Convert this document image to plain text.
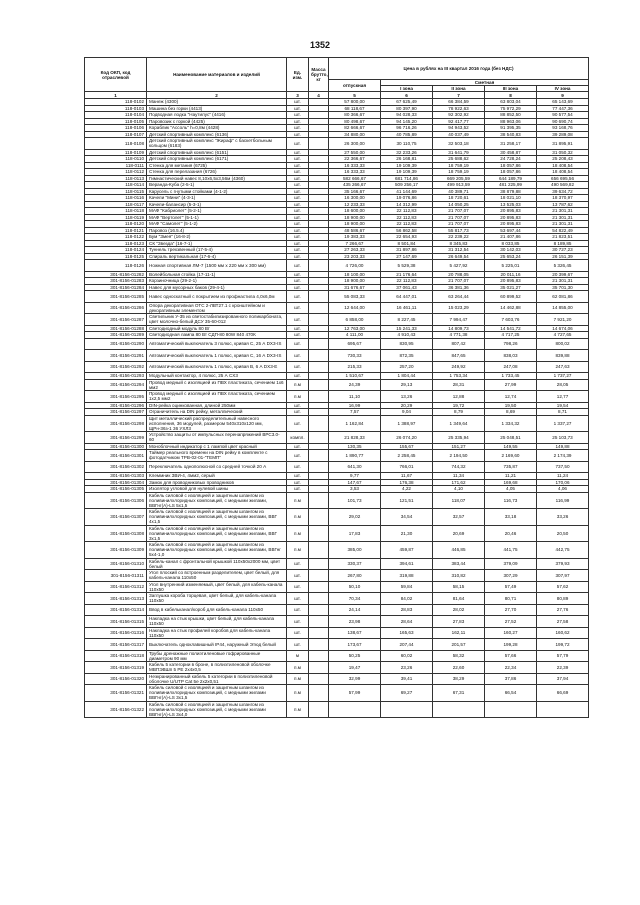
1352
Код ОКП, код отраслевой	Наименование материалов и изделий	Ед. изм.	Масса брутто, кг	Цена в рублях на III квартал 2016 года (без НДС)				
				отпускная	Сметная			
					I зона	II зона	III зона	IV зона
1	2	3	4	5	6	7	8	9
118-0102	Манеж (4300)	шт.		57 800,00	67 625,49	66 384,59	63 803,04	65 143,69
118-0103	Машина без горки (4413)	шт.		68 118,67	80 397,90	78 922,63	75 972,29	77 447,36
118-0104	Подводная лодка "Наутилус" (4416)	шт.		80 366,67	94 028,33	92 302,92	88 852,50	90 577,54
118-0105	Паровозик с горкой (4425)	шт.		80 498,67	94 145,20	92 417,77	88 963,06	90 690,74
118-0106	Кораблик "Ассоль" h=0,8м (4428)	шт.		82 666,67	96 716,26	94 943,52	91 395,35	93 168,76
118-0107	Детский спортивный комплекс (6136)	шт.		34 880,00	40 785,89	40 037,49	38 540,83	39 289,08
118-0108	Детский спортивный комплекс "Жираф" с баскетбольным кольцом (6183)	шт.		26 300,00	30 110,75	32 503,18	31 258,17	31 895,91
118-0109	Детский спортивный комплекс (6151)	шт.		27 550,00	32 233,26	31 641,79	30 458,87	31 050,32
118-0110	Детский спортивный комплекс (6171)	шт.		22 366,67	26 168,81	25 688,62	24 728,24	25 208,43
118-0111	Стенка для метания (6725)	шт.		16 333,33	19 109,39	18 759,19	18 057,86	18 408,54
118-0112	Стенка для перелазания (6726)	шт.		16 333,33	19 109,39	18 759,19	18 057,86	18 408,54
118-0113	Гимнастический навес 8,10х6,5х3,56м (4360)	шт.		582 666,67	681 714,86	669 205,59	644 189,79	656 695,56
118-0114	Веранда-Куба (2-5-1)	шт.		435 266,67	509 256,17	499 913,59	481 225,99	490 569,82
118-0115	Карусель с гнутыми стойками (4-1-2)	шт.		35 166,67	41 144,69	40 389,71	38 879,88	39 634,72
118-0116	Качели "Мини" (4-3-1)	шт.		16 300,00	19 076,86	18 720,61	18 021,10	18 370,97
118-0117	Качели-балансир (5-3-1)	шт.		12 233,33	14 312,99	14 050,25	13 525,03	13 787,62
118-0118	МАФ "Кабриолет" (5-2-1)	шт.		18 600,00	22 112,83	21 707,07	20 895,83	21 301,31
118-0119	МАФ "Вертолет" (5-1-1)	шт.		18 900,00	22 112,83	21 707,07	20 895,83	21 301,31
118-0120	МАФ "Самолет" (5-1-2)	шт.		18 900,00	22 112,83	21 707,07	20 895,83	21 301,31
118-0121	Паровоз (16.5.4)	шт.		48 586,67	56 862,58	55 817,73	53 697,44	54 822,49
118-0122	Бум "Змея" (16-8-2)	шт.		19 383,33	22 654,93	22 239,22	21 407,86	21 823,51
118-0123	СК "Звезда" (16-7-1)	шт.		7 266,67	8 501,84	8 345,83	8 033,85	8 189,85
118-0124	Туннель трехзвенный (17-5-4)	шт.		27 263,33	31 897,86	31 312,54	30 142,03	30 727,23
118-0125	Спираль вертикальная (17-6-4)	шт.		23 203,33	27 147,69	26 649,54	25 653,24	26 151,39
118-0126	Ножная спортивная ЛМ-7 (1500 мм х 220 мм х 300 мм)	шт.		4 726,00	5 529,38	5 427,92	5 225,01	5 326,45
301-8156-01282	Волейбольная стойка (17-11-1)	шт.		18 100,00	21 176,64	20 788,05	20 011,16	20 399,67
301-8156-01283	Корзиночница (29-2-1)	шт.		18 900,00	22 112,83	21 707,07	20 895,83	21 301,31
301-8156-01284	Навес для мусорных баков (29-4-1)	шт.		31 676,67	37 061,43	36 381,36	35 021,27	35 701,30
301-8156-01285	Навес односкатный с покрытием из профнастила 4,0х6,0м	шт.		55 083,33	64 447,01	63 264,44	60 899,52	62 081,86
301-8156-01286	Опора декоративная ОТС 2-ЛВТ27.1 с кронштейном и декоративным элементом	шт.		12 644,00	16 461,11	15 023,29	14 462,88	14 855,00
301-8156-01287	Светильник У-35 из светостабилизированного поликарбоната, цвет молочно-белый ДСУ 35-60-012	шт.		6 858,00	8 227,45	7 994,47	7 603,76	7 921,20
301-8156-01288	Светодиодный модуль 80 Вт	шт.		12 763,00	15 241,33	14 809,73	14 541,72	14 674,06
301-8156-01289	Светодиодная лампа 80 Вт СДП-80 80W 840 470К	шт.		4 111,00	4 910,43	4 771,38	4 717,25	4 727,65
301-8156-01290	Автоматический выключатель 3 полюс, кривая С, 25 А DX3-IS	шт.		695,67	830,95	807,42	798,26	800,02
301-8156-01291	Автоматический выключатель 1 полюс, кривая С, 16 А DX3-IS	шт.		730,33	872,35	847,65	838,03	839,88
301-8156-01292	Автоматический выключатель 1 полюс, кривая В, 6 А DX3-E	шт.		215,33	257,20	249,92	247,08	247,63
301-8156-01293	Модульный контактор, 4 полюс, 25 А CX3	шт.		1 510,67	1 804,44	1 753,34	1 733,45	1 737,27
301-8156-01294	Провод медный с изоляцией из ПВХ пластиката, сечением 1х6 мм2	п.м		24,39	29,13	28,31	27,99	28,05
301-8156-01295	Провод медный с изоляцией из ПВХ пластиката, сечением 1х2,5 мм2	п.м		11,10	13,26	12,88	12,74	12,77
301-8156-01296	DIN-рейка оцинкованная, длиной 250мм	шт.		16,99	20,29	19,72	19,50	19,54
301-8156-01297	Ограничитель на DIN рейку, металлический	шт.		7,57	9,04	8,79	8,69	8,71
301-8156-01298	Щит металлический распределительный навесного исполнения, 36 модулей, размером 540х310х120 мм, ЩРн-36з-1 36 УХЛ3	шт.		1 162,84	1 388,97	1 349,64	1 334,32	1 337,27
301-8156-01299	Устройство защиты от импульсных перенапряжений ВРС3.0-60	компл.		21 828,33	26 074,20	25 335,94	25 048,51	25 103,73
301-8156-01300	Моноблочный индикатор с 1 лампой цвет красный	шт.		130,35	155,67	151,27	149,55	149,88
301-8156-01301	Таймер реального времени на DIN рейку в комплекте с фотодатчиком ТРВ-02-01-"ТЕМП"	шт.		1 890,77	2 258,45	2 194,50	2 169,60	2 174,39
301-8156-01302	Переключатель однополюсной со средней точкой 20 А	шт.		641,30	766,01	744,32	735,87	737,50
301-8156-01303	Клеммник ЗВИ-4, 4мм2, серый	шт.		9,77	11,67	11,34	11,21	11,24
301-8156-01304	Замок для проводниковых проводников	шт.		147,67	176,38	171,62	169,68	170,06
301-8156-01305	Изолятор угловой для нулевой шины	шт.		3,53	4,22	4,10	4,05	4,06
301-8156-01306	Кабель силовой с изоляцией и защитным шлангом из поливинилхлоридных композиций, с медными жилами, ВВГнг(А)-LS 5х1,5	п.м		101,73	121,51	118,07	116,73	116,99
301-8156-01307	Кабель силовой с изоляцией и защитным шлангом из поливинилхлоридных композиций, с медными жилами, ВВГ 4х1,5	п.м		29,02	34,54	32,57	33,18	33,26
301-8156-01308	Кабель силовой с изоляцией и защитным шлангом из поливинилхлоридных композиций, с медными жилами, ВВГ 3х1,5	п.м		17,83	21,30	20,69	20,46	20,50
301-8156-01309	Кабель силовой с изоляцией и защитным шлангом из поливинилхлоридных композиций, с медными жилами, ВВГнг 5х4-1,0	п.м		385,00	459,87	446,85	441,75	442,75
301-8156-01310	Кабель-канал с фронтальной крышкой 110х50х2000 мм, цвет белый	шт.		330,37	394,61	383,44	379,09	379,93
301-8156-01311	Угол плоский со встроенным разделителем, цвет белый, для кабель-канала 110х50	шт.		267,80	319,88	310,82	307,29	307,97
301-8156-01312	Угол внутренний изменяемый, цвет белый, для кабель-канала 110х50	шт.		50,10	59,84	58,15	57,49	57,62
301-8156-01313	Заглушка короба торцевая, цвет белый, для кабель-канала 110х50	шт.		70,34	84,02	81,64	80,71	80,89
301-8156-01314	Ввод в кабельканал/короб для кабель-канала 110х50	шт.		24,14	28,83	28,02	27,70	27,76
301-8156-01315	Накладка на стык крышки, цвет белый, для кабель-канала 110х50	шт.		23,98	28,64	27,83	27,52	27,58
301-8156-01316	Накладка на стык профилей коробов для кабель-канала 110х50	шт.		138,67	165,63	162,11	160,27	160,62
301-8156-01317	Выключатель одноклавишный IP44, наружный Этюд белый	шт.		173,67	207,44	201,57	199,28	199,72
301-8156-01318	Трубы дренажные полиэтиленовые гофрированные диаметром 90 мм	м		50,25	60,02	58,32	57,66	57,79
301-8156-01319	Кабель 5 категории в броне, в полиэтиленовой оболочке МВПЭВШп 5 PE 2х4х0,5	п.м		19,47	23,26	22,60	22,34	22,39
301-8156-01320	Неэкранированный кабель 5 категории в полиэтиленовой оболочке U/UTP Cat 5e 2х2х0,51	п.м		32,99	39,41	38,29	37,86	37,94
301-8156-01321	Кабель силовой с изоляцией и защитным шлангом из поливинилхлоридных композиций, с медными жилами ВВГнг(А)-LS 3х1,5	п.м		57,99	69,27	67,31	66,54	66,69
301-8156-01322	Кабель силовой с изоляцией и защитным шлангом из поливинилхлоридных композиций, с медными жилами ВВГнг(А)-LS 3х4,0	п.м						
